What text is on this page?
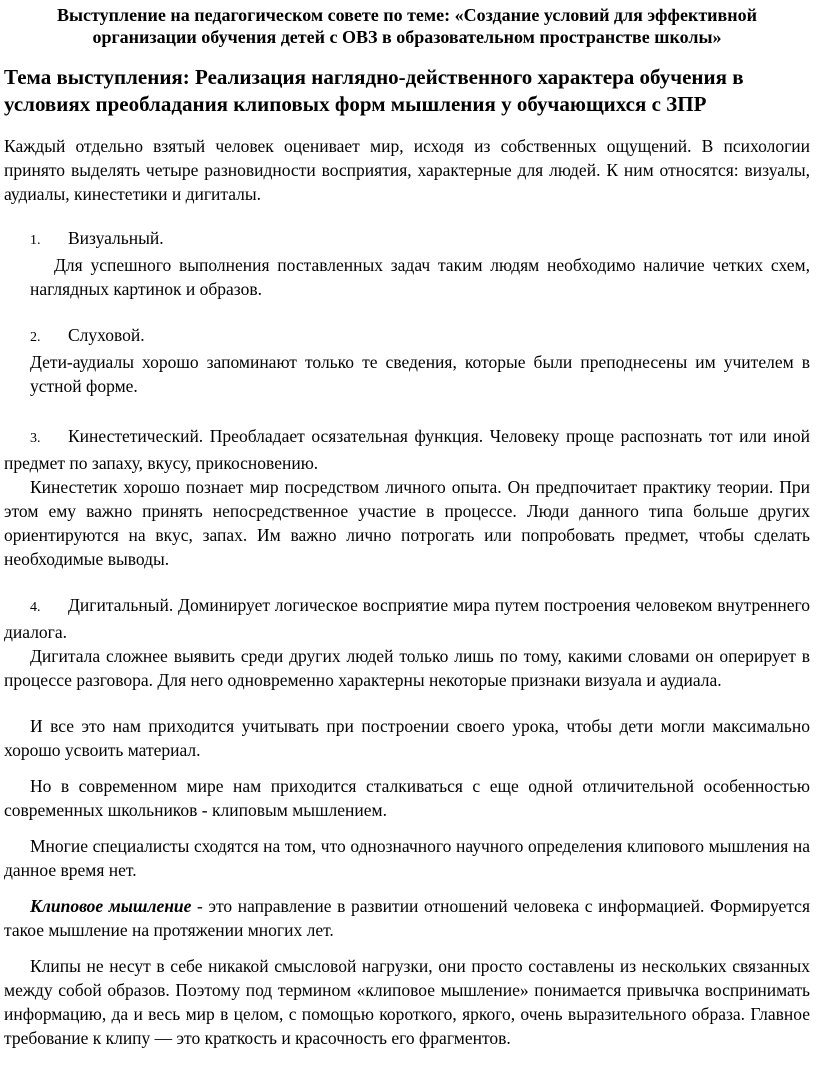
Выступление на педагогическом совете по теме: «Создание условий для эффективной организации обучения детей с ОВЗ в образовательном пространстве школы»
Тема выступления: Реализация наглядно-действенного характера обучения в условиях преобладания клиповых форм мышления у обучающихся с ЗПР

Каждый отдельно взятый человек оценивает мир, исходя из собственных ощущений. В психологии принято выделять четыре разновидности восприятия, характерные для людей. К ним относятся: визуалы, аудиалы, кинестетики и дигиталы.

1. Визуальный.

Для успешного выполнения поставленных задач таким людям необходимо наличие четких схем, наглядных картинок и образов.

2. Слуховой.

Дети-аудиалы хорошо запоминают только те сведения, которые были преподнесены им учителем в устной форме.

3. Кинестетический. Преобладает осязательная функция. Человеку проще распознать тот или иной предмет по запаху, вкусу, прикосновению.

Кинестетик хорошо познает мир посредством личного опыта. Он предпочитает практику теории. При этом ему важно принять непосредственное участие в процессе. Люди данного типа больше других ориентируются на вкус, запах. Им важно лично потрогать или попробовать предмет, чтобы сделать необходимые выводы.

4. Дигитальный. Доминирует логическое восприятие мира путем построения человеком внутреннего диалога.

Дигитала сложнее выявить среди других людей только лишь по тому, какими словами он оперирует в процессе разговора. Для него одновременно характерны некоторые признаки визуала и аудиала.

И все это нам приходится учитывать при построении своего урока, чтобы дети могли максимально хорошо усвоить материал.

Но в современном мире нам приходится сталкиваться с еще одной отличительной особенностью современных школьников - клиповым мышлением.

Многие специалисты сходятся на том, что однозначного научного определения клипового мышления на данное время нет.

Клиповое мышление - это направление в развитии отношений человека с информацией. Формируется такое мышление на протяжении многих лет.

Клипы не несут в себе никакой смысловой нагрузки, они просто составлены из нескольких связанных между собой образов. Поэтому под термином «клиповое мышление» понимается привычка воспринимать информацию, да и весь мир в целом, с помощью короткого, яркого, очень выразительного образа. Главное требование к клипу — это краткость и красочность его фрагментов.
